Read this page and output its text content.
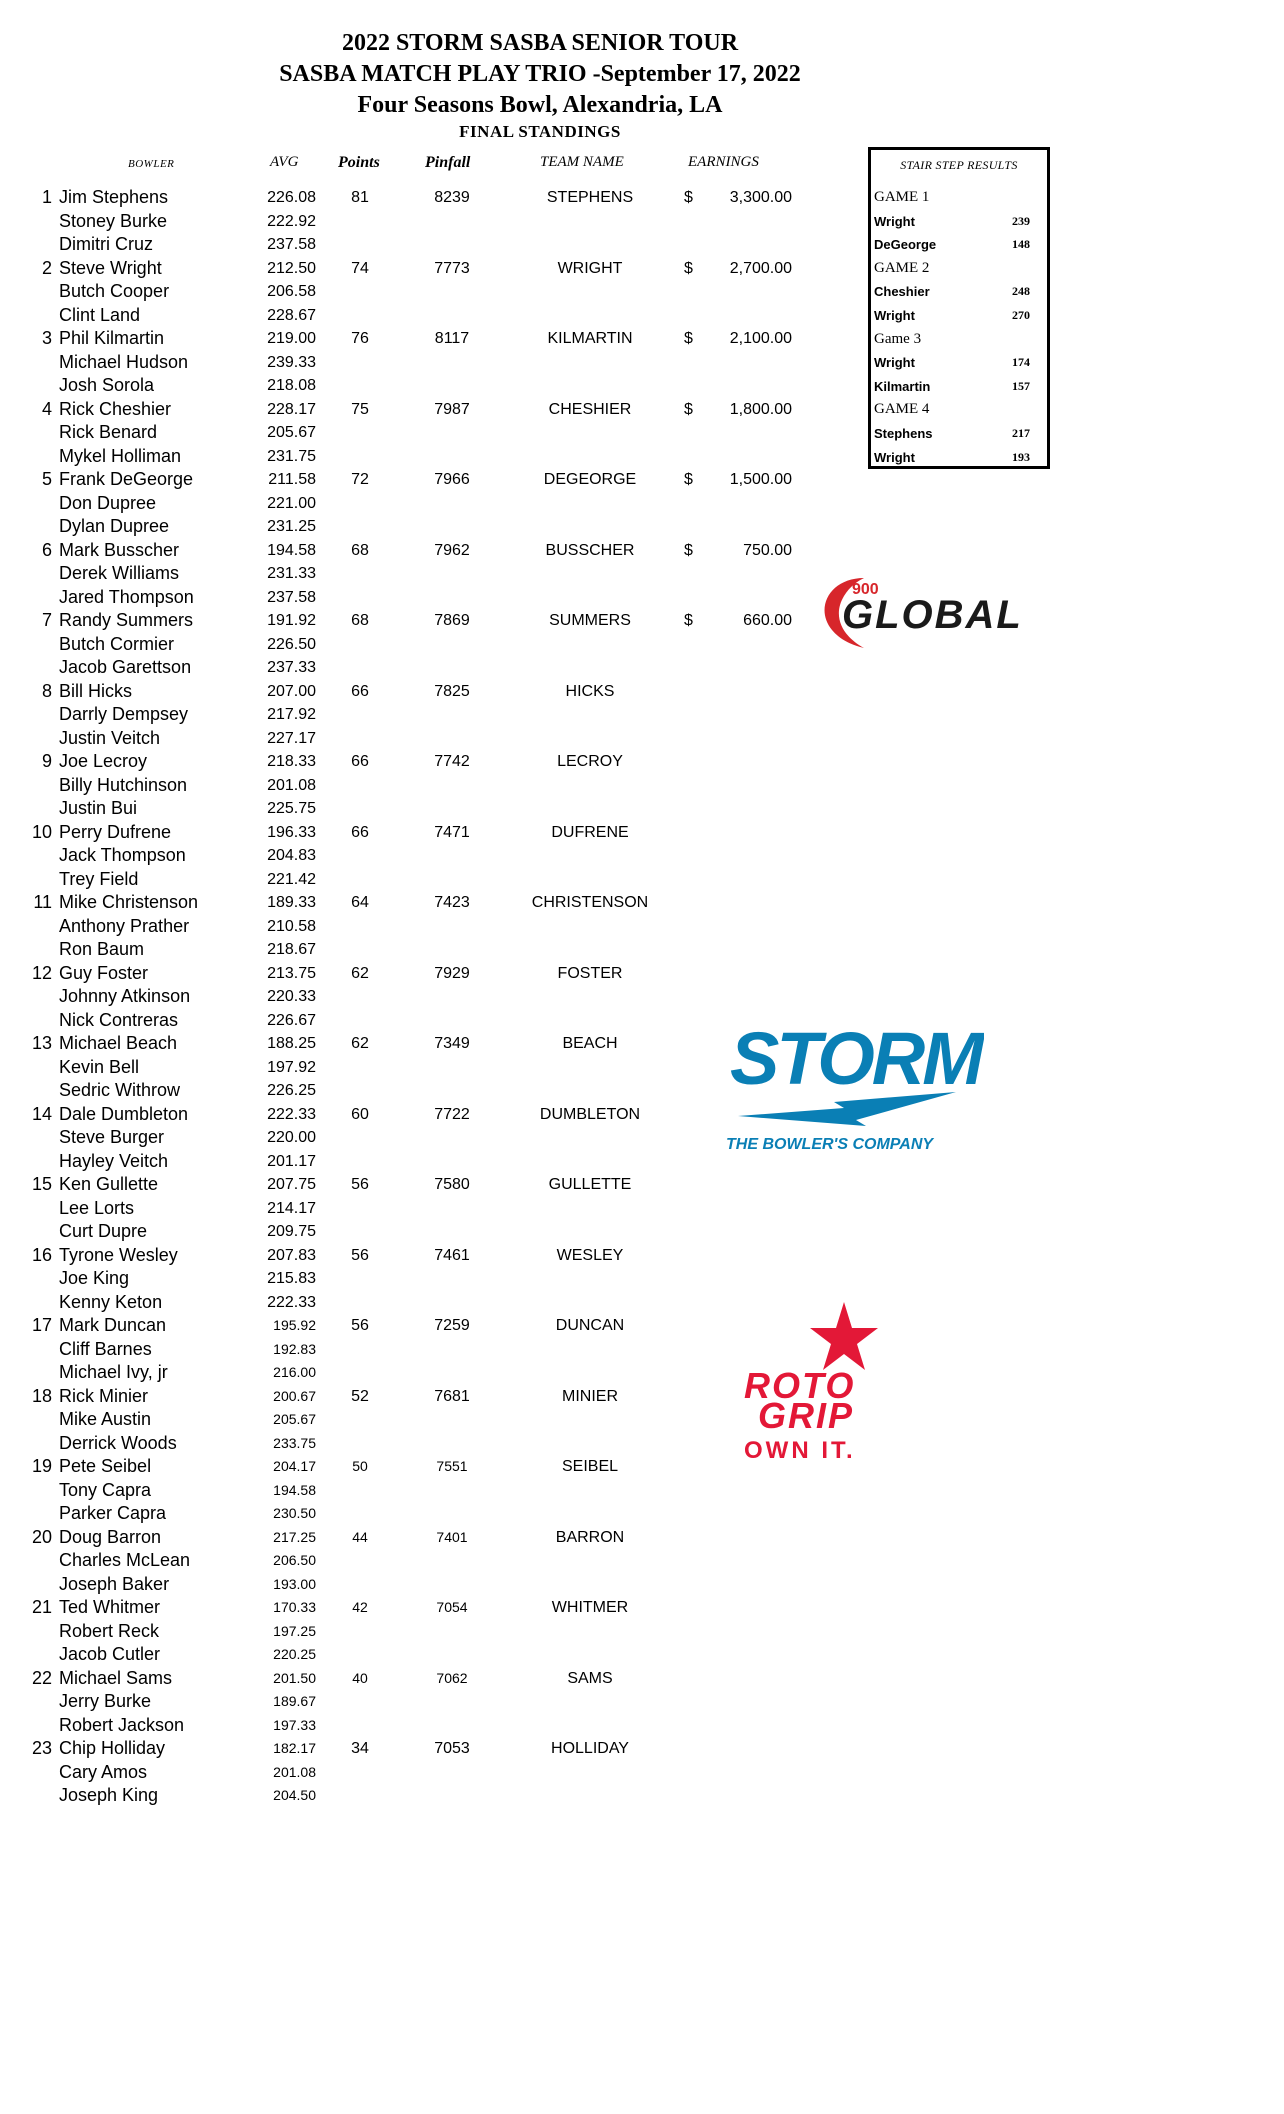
2022 STORM SASBA SENIOR TOUR
SASBA MATCH PLAY TRIO -September 17, 2022
Four Seasons Bowl, Alexandria, LA
FINAL STANDINGS
BOWLER	AVG Points	Pinfall	TEAM NAME	EARNINGS
1 Jim Stephens	226.08	81	8239	STEPHENS	$ 3,300.00
Stoney Burke	222.92
Dimitri Cruz	237.58
2 Steve Wright	212.50	74	7773	WRIGHT	$ 2,700.00
Butch Cooper	206.58
Clint Land	228.67
3 Phil Kilmartin	219.00	76	8117	KILMARTIN	$ 2,100.00
Michael Hudson	239.33
Josh Sorola	218.08
4 Rick Cheshier	228.17	75	7987	CHESHIER	$ 1,800.00
Rick Benard	205.67
Mykel Holliman	231.75
5 Frank DeGeorge	211.58	72	7966	DEGEORGE	$ 1,500.00
Don Dupree	221.00
Dylan Dupree	231.25
6 Mark Busscher	194.58	68	7962	BUSSCHER	$	750.00
Derek Williams	231.33
Jared Thompson	237.58
7 Randy Summers	191.92	68	7869	SUMMERS	$	660.00
Butch Cormier	226.50
Jacob Garettson	237.33
8 Bill Hicks	207.00	66	7825	HICKS
Darrly Dempsey	217.92
Justin Veitch	227.17
9 Joe Lecroy	218.33	66	7742	LECROY
Billy Hutchinson	201.08
Justin Bui	225.75
10 Perry Dufrene	196.33	66	7471	DUFRENE
Jack Thompson	204.83
Trey Field	221.42
11 Mike Christenson	189.33	64	7423	CHRISTENSON
Anthony Prather	210.58
Ron Baum	218.67
12 Guy Foster	213.75	62	7929	FOSTER
Johnny Atkinson	220.33
Nick Contreras	226.67
13 Michael Beach	188.25	62	7349	BEACH
Kevin Bell	197.92
Sedric Withrow	226.25
14 Dale Dumbleton	222.33	60	7722	DUMBLETON
Steve Burger	220.00
Hayley Veitch	201.17
15 Ken Gullette	207.75	56	7580	GULLETTE
Lee Lorts	214.17
Curt Dupre	209.75
16 Tyrone Wesley	207.83	56	7461	WESLEY
Joe King	215.83
Kenny Keton	222.33
17 Mark Duncan	195.92	56	7259	DUNCAN
Cliff Barnes	192.83
Michael Ivy, jr	216.00
18 Rick Minier	200.67	52	7681	MINIER
Mike Austin	205.67
Derrick Woods	233.75
19 Pete Seibel	204.17	50	7551	SEIBEL
Tony Capra	194.58
Parker Capra	230.50
20 Doug Barron	217.25	44	7401	BARRON
Charles McLean	206.50
Joseph Baker	193.00
21 Ted Whitmer	170.33	42	7054	WHITMER
Robert Reck	197.25
Jacob Cutler	220.25
22 Michael Sams	201.50	40	7062	SAMS
Jerry Burke	189.67
Robert Jackson	197.33
23 Chip Holliday	182.17	34	7053	HOLLIDAY
Cary Amos	201.08
Joseph King	204.50
STAIR STEP RESULTS
GAME 1
Wright	239
DeGeorge	148
GAME 2
Cheshier	248
Wright	270
Game 3
Wright	174
Kilmartin	157
GAME 4
Stephens	217
Wright	193
900
GLOBAL
STORM
THE BOWLER'S COMPANY
ROTO
GRIP
OWN IT.
